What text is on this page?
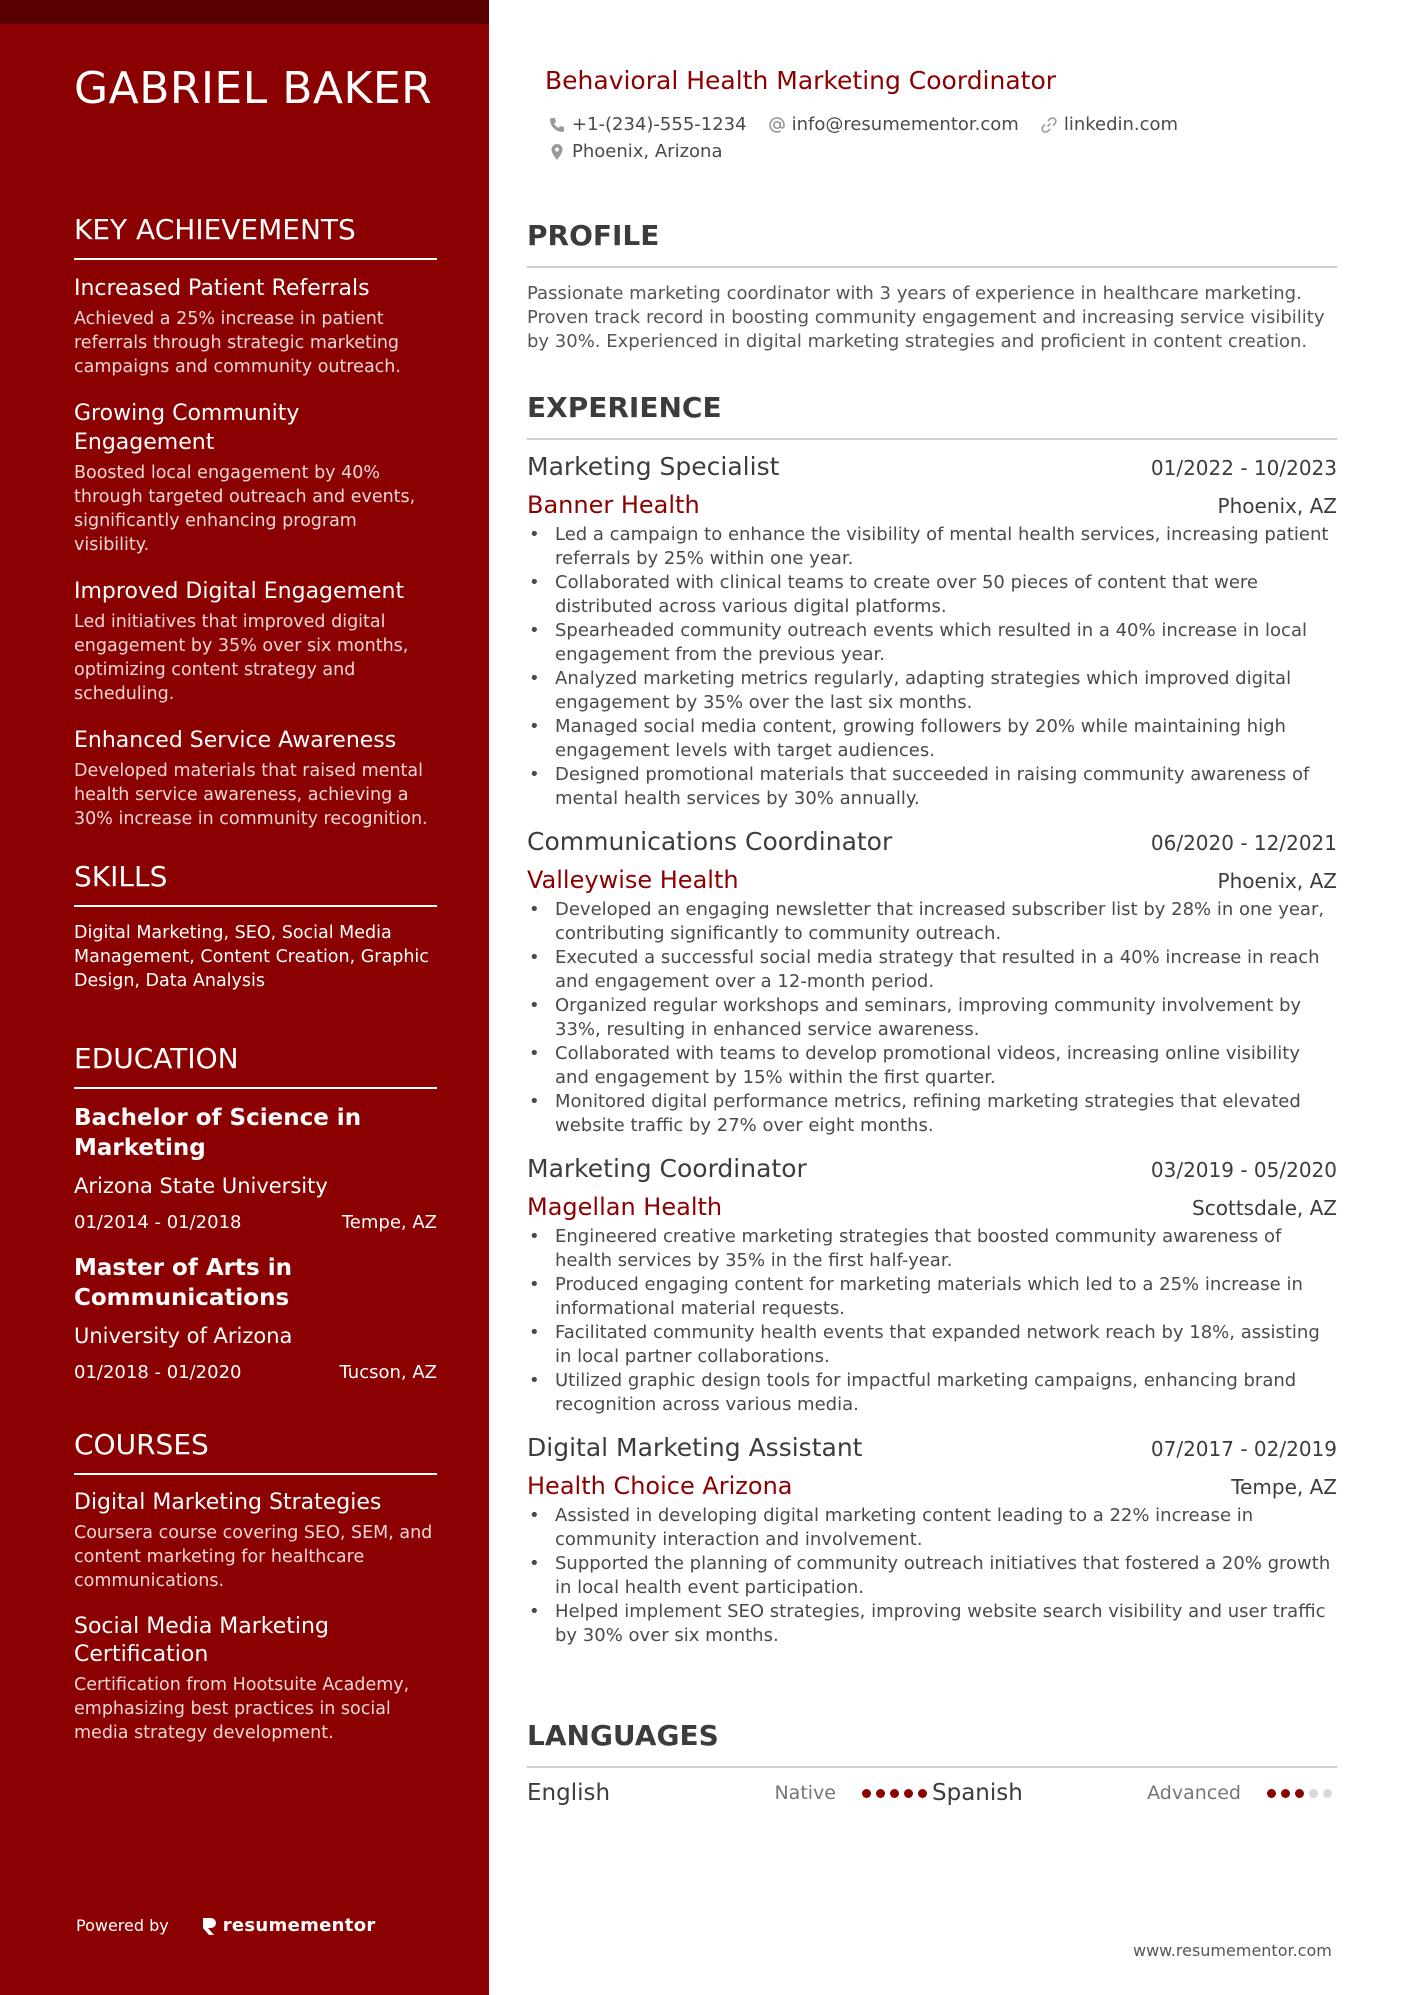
GABRIEL BAKER
KEY ACHIEVEMENTS
Increased Patient Referrals
Achieved a 25% increase in patient referrals through strategic marketing campaigns and community outreach.
Growing Community Engagement
Boosted local engagement by 40% through targeted outreach and events, significantly enhancing program visibility.
Improved Digital Engagement
Led initiatives that improved digital engagement by 35% over six months, optimizing content strategy and scheduling.
Enhanced Service Awareness
Developed materials that raised mental health service awareness, achieving a 30% increase in community recognition.
SKILLS
Digital Marketing, SEO, Social Media Management, Content Creation, Graphic Design, Data Analysis
EDUCATION
Bachelor of Science in Marketing
Arizona State University
01/2014 - 01/2018	Tempe, AZ
Master of Arts in Communications
University of Arizona
01/2018 - 01/2020	Tucson, AZ
COURSES
Digital Marketing Strategies
Coursera course covering SEO, SEM, and content marketing for healthcare communications.
Social Media Marketing Certification
Certification from Hootsuite Academy, emphasizing best practices in social media strategy development.
Powered by	resumementor
Behavioral Health Marketing Coordinator
+1-(234)-555-1234	info@resumementor.com	linkedin.com
Phoenix, Arizona
PROFILE

Passionate marketing coordinator with 3 years of experience in healthcare marketing. Proven track record in boosting community engagement and increasing service visibility by 30%. Experienced in digital marketing strategies and proficient in content creation.

EXPERIENCE
Marketing Specialist	01/2022 - 10/2023
Banner Health	Phoenix, AZ
• Led a campaign to enhance the visibility of mental health services, increasing patient referrals by 25% within one year.
• Collaborated with clinical teams to create over 50 pieces of content that were distributed across various digital platforms.
• Spearheaded community outreach events which resulted in a 40% increase in local engagement from the previous year.
• Analyzed marketing metrics regularly, adapting strategies which improved digital engagement by 35% over the last six months.
• Managed social media content, growing followers by 20% while maintaining high engagement levels with target audiences.
• Designed promotional materials that succeeded in raising community awareness of mental health services by 30% annually.
Communications Coordinator	06/2020 - 12/2021
Valleywise Health	Phoenix, AZ
• Developed an engaging newsletter that increased subscriber list by 28% in one year, contributing significantly to community outreach.
• Executed a successful social media strategy that resulted in a 40% increase in reach and engagement over a 12-month period.
• Organized regular workshops and seminars, improving community involvement by 33%, resulting in enhanced service awareness.
• Collaborated with teams to develop promotional videos, increasing online visibility and engagement by 15% within the first quarter.
• Monitored digital performance metrics, refining marketing strategies that elevated website traffic by 27% over eight months.
Marketing Coordinator	03/2019 - 05/2020
Magellan Health	Scottsdale, AZ
• Engineered creative marketing strategies that boosted community awareness of health services by 35% in the first half-year.
• Produced engaging content for marketing materials which led to a 25% increase in informational material requests.
• Facilitated community health events that expanded network reach by 18%, assisting in local partner collaborations.
• Utilized graphic design tools for impactful marketing campaigns, enhancing brand recognition across various media.
Digital Marketing Assistant	07/2017 - 02/2019
Health Choice Arizona	Tempe, AZ
• Assisted in developing digital marketing content leading to a 22% increase in community interaction and involvement.
• Supported the planning of community outreach initiatives that fostered a 20% growth in local health event participation.
• Helped implement SEO strategies, improving website search visibility and user traffic by 30% over six months.
LANGUAGES
English	Native	Spanish	Advanced
www.resumementor.com
